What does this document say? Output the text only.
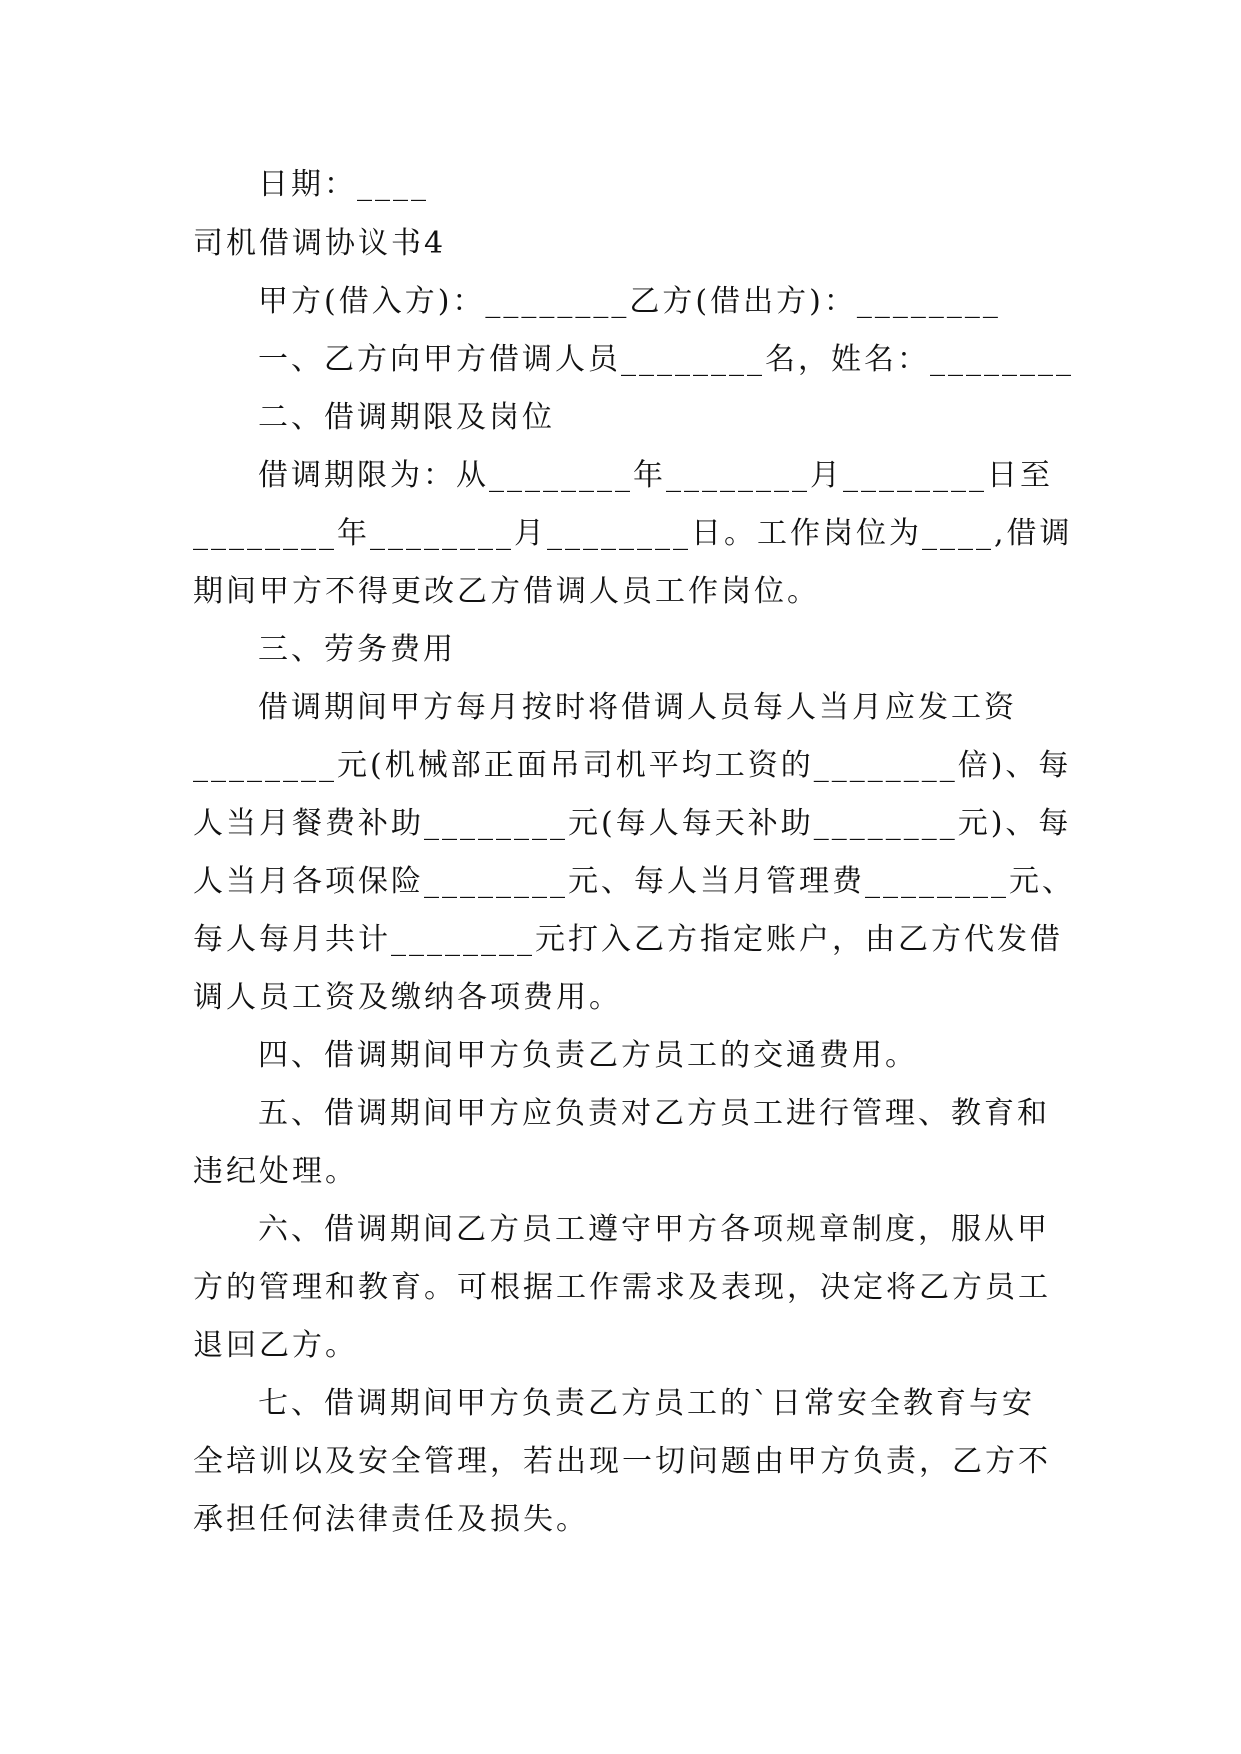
日期：____
司机借调协议书4
甲方(借入方)：________乙方(借出方)：________
一、乙方向甲方借调人员________名，姓名：________
二、借调期限及岗位
借调期限为：从________年________月________日至
________年________月________日。工作岗位为____,借调
期间甲方不得更改乙方借调人员工作岗位。
三、劳务费用
借调期间甲方每月按时将借调人员每人当月应发工资
________元(机械部正面吊司机平均工资的________倍)、每
人当月餐费补助________元(每人每天补助________元)、每
人当月各项保险________元、每人当月管理费________元、
每人每月共计________元打入乙方指定账户，由乙方代发借
调人员工资及缴纳各项费用。
四、借调期间甲方负责乙方员工的交通费用。
五、借调期间甲方应负责对乙方员工进行管理、教育和
违纪处理。
六、借调期间乙方员工遵守甲方各项规章制度，服从甲
方的管理和教育。可根据工作需求及表现，决定将乙方员工
退回乙方。
七、借调期间甲方负责乙方员工的`日常安全教育与安
全培训以及安全管理，若出现一切问题由甲方负责，乙方不
承担任何法律责任及损失。
